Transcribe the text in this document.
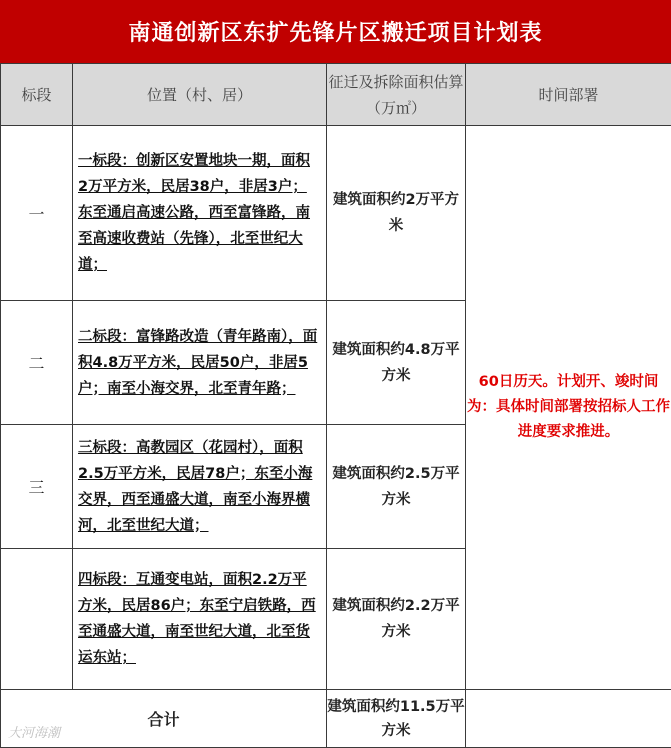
南通创新区东扩先锋片区搬迁项目计划表
标段	位置（村、居）	征迁及拆除面积估算（万㎡）	时间部署
一	一标段：创新区安置地块一期，面积2万平方米，民居38户，非居3户；东至通启高速公路，西至富锋路，南至高速收费站（先锋），北至世纪大道；	建筑面积约2万平方米	60日历天。计划开、竣时间为：具体时间部署按招标人工作进度要求推进。
二	二标段：富锋路改造（青年路南），面积4.8万平方米，民居50户，非居5户；南至小海交界，北至青年路；	建筑面积约4.8万平方米	
三	三标段：高教园区（花园村），面积2.5万平方米，民居78户；东至小海交界，西至通盛大道，南至小海界横河，北至世纪大道；	建筑面积约2.5万平方米	

	四标段：互通变电站，面积2.2万平方米，民居86户；东至宁启铁路，西至通盛大道，南至世纪大道，北至货运东站；	建筑面积约2.2万平方米	
合计		建筑面积约11.5万平方米	
大河海潮
